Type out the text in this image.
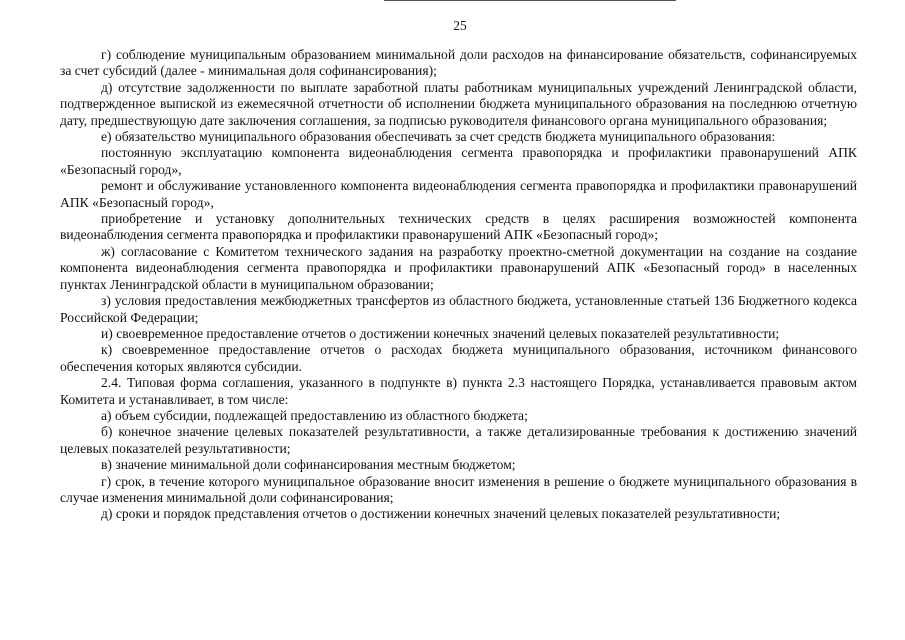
25

г) соблюдение муниципальным образованием минимальной доли расходов на финансирование обязательств, софинансируемых за счет субсидий (далее - минимальная доля софинансирования);

д) отсутствие задолженности по выплате заработной платы работникам муниципальных учреждений Ленинградской области, подтвержденное выпиской из ежемесячной отчетности об исполнении бюджета муниципального образования на последнюю отчетную дату, предшествующую дате заключения соглашения, за подписью руководителя финансового органа муниципального образования;

е) обязательство муниципального образования обеспечивать за счет средств бюджета муниципального образования:

постоянную эксплуатацию компонента видеонаблюдения сегмента правопорядка и профилактики правонарушений АПК «Безопасный город»,

ремонт и обслуживание установленного компонента видеонаблюдения сегмента правопорядка и профилактики правонарушений АПК «Безопасный город»,

приобретение и установку дополнительных технических средств в целях расширения возможностей компонента видеонаблюдения сегмента правопорядка и профилактики правонарушений АПК «Безопасный город»;

ж) согласование с Комитетом технического задания на разработку проектно-сметной документации на создание на создание компонента видеонаблюдения сегмента правопорядка и профилактики правонарушений АПК «Безопасный город» в населенных пунктах Ленинградской области в муниципальном образовании;

з) условия предоставления межбюджетных трансфертов из областного бюджета, установленные статьей 136 Бюджетного кодекса Российской Федерации;

и) своевременное предоставление отчетов о достижении конечных значений целевых показателей результативности;

к) своевременное предоставление отчетов о расходах бюджета муниципального образования, источником финансового обеспечения которых являются субсидии.

2.4. Типовая форма соглашения, указанного в подпункте в) пункта 2.3 настоящего Порядка, устанавливается правовым актом Комитета и устанавливает, в том числе:

а) объем субсидии, подлежащей предоставлению из областного бюджета;

б) конечное значение целевых показателей результативности, а также детализированные требования к достижению значений целевых показателей результативности;

в) значение минимальной доли софинансирования местным бюджетом;

г) срок, в течение которого муниципальное образование вносит изменения в решение о бюджете муниципального образования в случае изменения минимальной доли софинансирования;

д) сроки и порядок представления отчетов о достижении конечных значений целевых показателей результативности;
